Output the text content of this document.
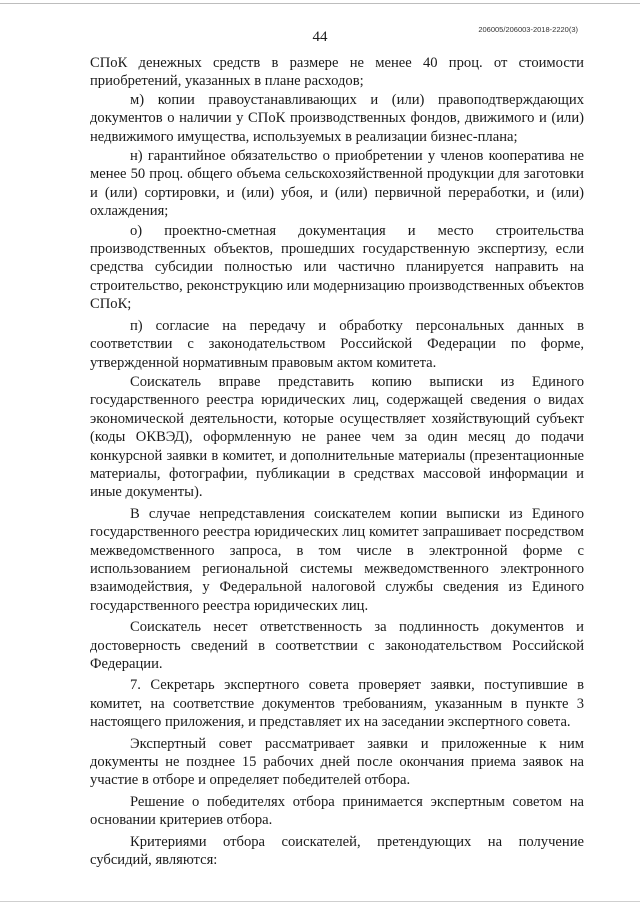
44	206005/206003-2018-2220(3)

СПоК денежных средств в размере не менее 40 проц. от стоимости приобретений, указанных в плане расходов;

м) копии правоустанавливающих и (или) правоподтверждающих документов о наличии у СПоК производственных фондов, движимого и (или) недвижимого имущества, используемых в реализации бизнес-плана;

н) гарантийное обязательство о приобретении у членов кооператива не менее 50 проц. общего объема сельскохозяйственной продукции для заготовки и (или) сортировки, и (или) убоя, и (или) первичной переработки, и (или) охлаждения;

о) проектно-сметная документация и место строительства производственных объектов, прошедших государственную экспертизу, если средства субсидии полностью или частично планируется направить на строительство, реконструкцию или модернизацию производственных объектов СПоК;

п) согласие на передачу и обработку персональных данных в соответствии с законодательством Российской Федерации по форме, утвержденной нормативным правовым актом комитета.

Соискатель вправе представить копию выписки из Единого государственного реестра юридических лиц, содержащей сведения о видах экономической деятельности, которые осуществляет хозяйствующий субъект (коды ОКВЭД), оформленную не ранее чем за один месяц до подачи конкурсной заявки в комитет, и дополнительные материалы (презентационные материалы, фотографии, публикации в средствах массовой информации и иные документы).

В случае непредставления соискателем копии выписки из Единого государственного реестра юридических лиц комитет запрашивает посредством межведомственного запроса, в том числе в электронной форме с использованием региональной системы межведомственного электронного взаимодействия, у Федеральной налоговой службы сведения из Единого государственного реестра юридических лиц.

Соискатель несет ответственность за подлинность документов и достоверность сведений в соответствии с законодательством Российской Федерации.

7. Секретарь экспертного совета проверяет заявки, поступившие в комитет, на соответствие документов требованиям, указанным в пункте 3 настоящего приложения, и представляет их на заседании экспертного совета.

Экспертный совет рассматривает заявки и приложенные к ним документы не позднее 15 рабочих дней после окончания приема заявок на участие в отборе и определяет победителей отбора.

Решение о победителях отбора принимается экспертным советом на основании критериев отбора.

Критериями отбора соискателей, претендующих на получение субсидий, являются:
